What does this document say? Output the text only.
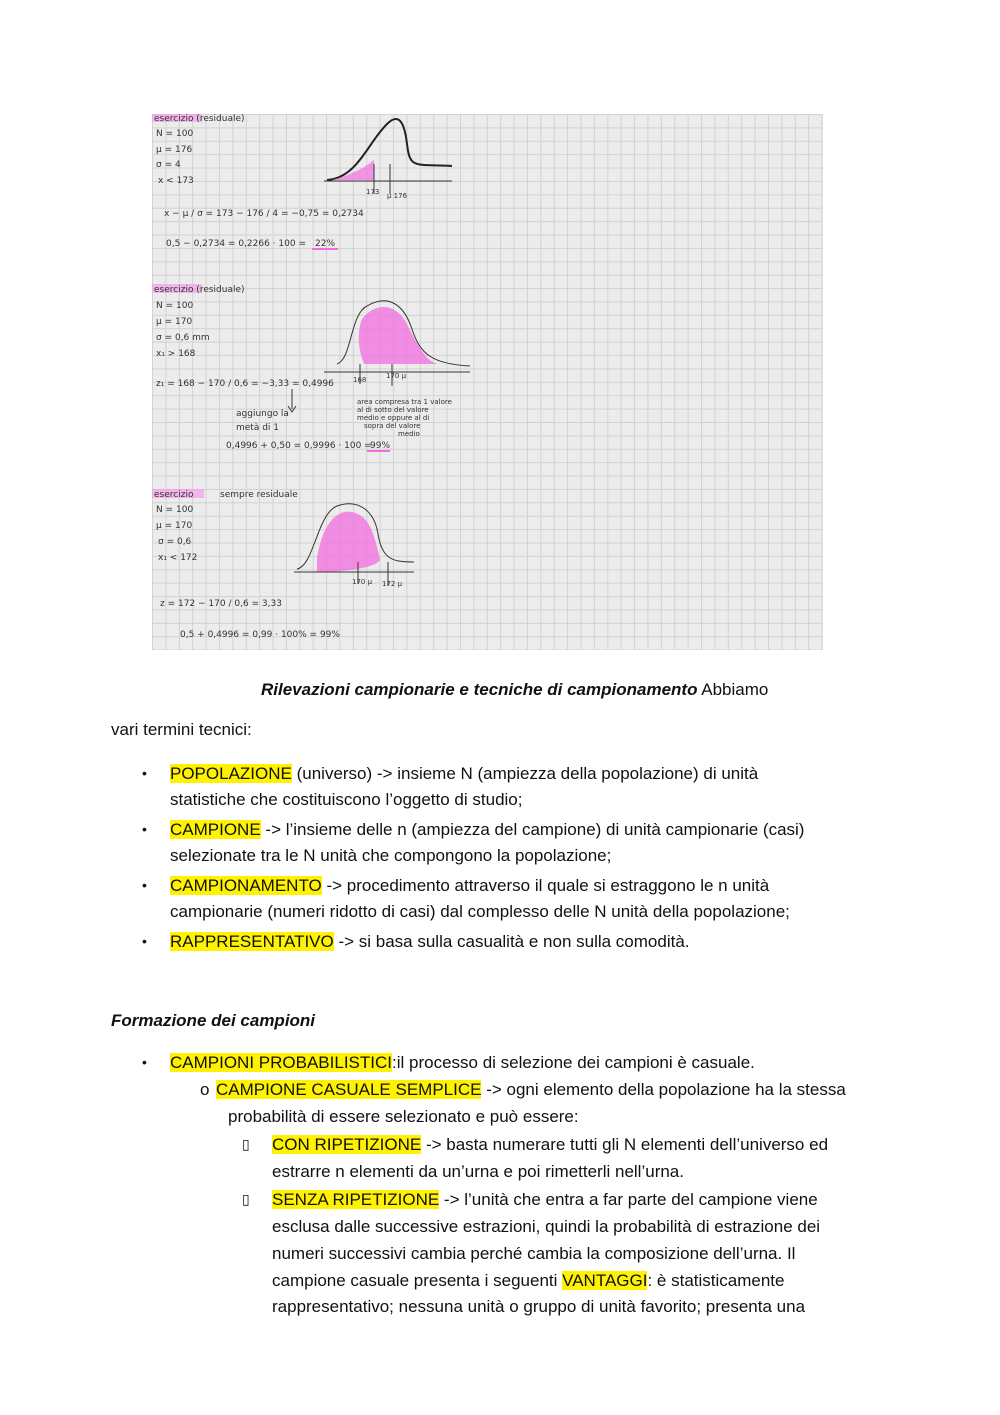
esercizio (residuale)
N = 100
μ = 176
σ = 4
x < 173
173 μ 176
x − μ / σ = 173 − 176 / 4 = −0,75 = 0,2734
0,5 − 0,2734 = 0,2266 · 100 = 22%
esercizio (residuale)
N = 100
μ = 170
σ = 0,6 mm
x₁ > 168
168	170 μ
z₁ = 168 − 170 / 0,6 = −3,33 = 0,4996
aggiungo la
metà di 1
0,4996 + 0,50 = 0,9996 · 100 =
99%
area compresa tra 1 valore
al di sotto del valore
medio e oppure al di
sopra del valore
medio
esercizio	sempre residuale
N = 100
μ = 170
σ = 0,6
x₁ < 172
170 μ 172 μ
z = 172 − 170 / 0,6 = 3,33
0,5 + 0,4996 = 0,99 · 100% = 99%
Rilevazioni campionarie e tecniche di campionamento Abbiamo
vari termini tecnici:
• POPOLAZIONE (universo) -> insieme N (ampiezza della popolazione) di unità
statistiche che costituiscono l’oggetto di studio;
• CAMPIONE -> l’insieme delle n (ampiezza del campione) di unità campionarie (casi)
selezionate tra le N unità che compongono la popolazione;
• CAMPIONAMENTO -> procedimento attraverso il quale si estraggono le n unità
campionarie (numeri ridotto di casi) dal complesso delle N unità della popolazione;
• RAPPRESENTATIVO -> si basa sulla casualità e non sulla comodità.
Formazione dei campioni
• CAMPIONI PROBABILISTICI:il processo di selezione dei campioni è casuale.
o CAMPIONE CASUALE SEMPLICE -> ogni elemento della popolazione ha la stessa
probabilità di essere selezionato e può essere:
▯ CON RIPETIZIONE -> basta numerare tutti gli N elementi dell’universo ed
estrarre n elementi da un’urna e poi rimetterli nell’urna.
▯ SENZA RIPETIZIONE -> l’unità che entra a far parte del campione viene
esclusa dalle successive estrazioni, quindi la probabilità di estrazione dei
numeri successivi cambia perché cambia la composizione dell’urna. Il
campione casuale presenta i seguenti VANTAGGI: è statisticamente
rappresentativo; nessuna unità o gruppo di unità favorito; presenta una
